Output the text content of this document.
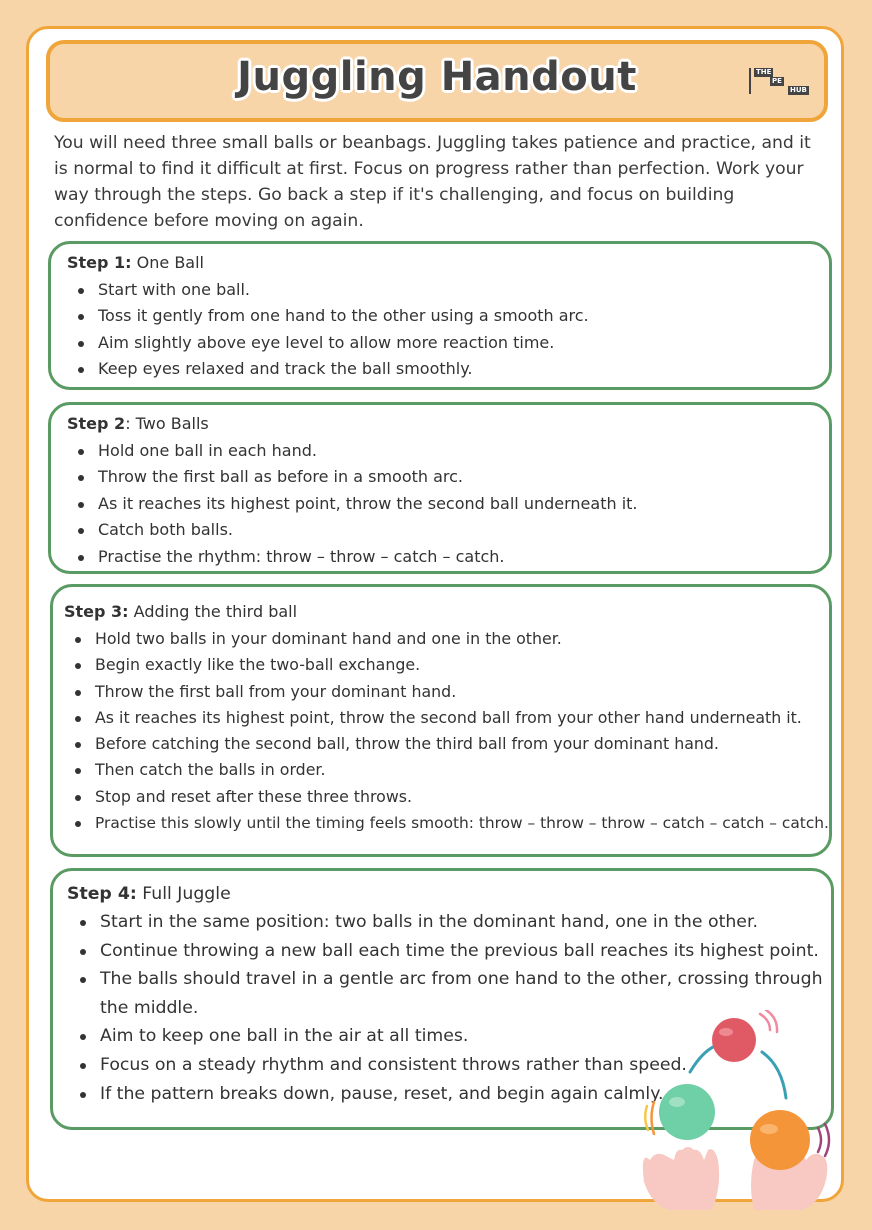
Juggling Handout	THE
PE
HUB

You will need three small balls or beanbags. Juggling takes patience and practice, and it is normal to find it difficult at first. Focus on progress rather than perfection. Work your way through the steps. Go back a step if it's challenging, and focus on building confidence before moving on again.

Step 1: One Ball

Start with one ball.
Toss it gently from one hand to the other using a smooth arc.
Aim slightly above eye level to allow more reaction time.
Keep eyes relaxed and track the ball smoothly.

Step 2: Two Balls

Hold one ball in each hand.
Throw the first ball as before in a smooth arc.
As it reaches its highest point, throw the second ball underneath it.
Catch both balls.
Practise the rhythm: throw – throw – catch – catch.

Step 3: Adding the third ball

Hold two balls in your dominant hand and one in the other.
Begin exactly like the two-ball exchange.
Throw the first ball from your dominant hand.
As it reaches its highest point, throw the second ball from your other hand underneath it.
Before catching the second ball, throw the third ball from your dominant hand.
Then catch the balls in order.
Stop and reset after these three throws.
Practise this slowly until the timing feels smooth: throw – throw – throw – catch – catch – catch.

Step 4: Full Juggle

Start in the same position: two balls in the dominant hand, one in the other.
Continue throwing a new ball each time the previous ball reaches its highest point.
The balls should travel in a gentle arc from one hand to the other, crossing through the middle.
Aim to keep one ball in the air at all times.
Focus on a steady rhythm and consistent throws rather than speed.
If the pattern breaks down, pause, reset, and begin again calmly.
